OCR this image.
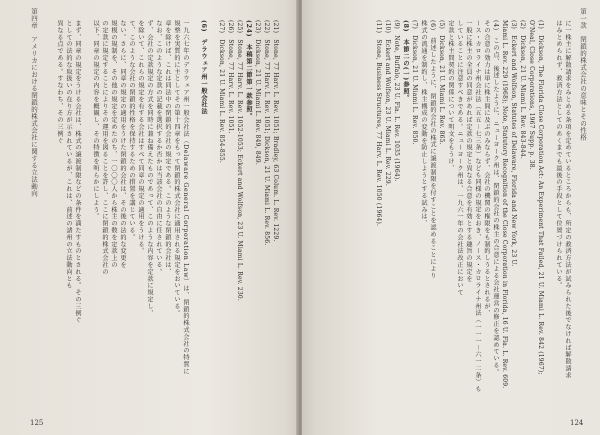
第四章　アメリカにおける閉鎖的株式会社に関する立法動向	(21)　Stone, 77 Harv. L. Rev. 1051; Bradley, 63 Colum. L. Rev. 1229.
(22)　Stone, 77 Harv. L. Rev. 1051; Dickson, 21 U. Miami L. Rev. 856.
(23)　Dickson, 21 U. Miami L. Rev. 849, 849.
(24)　本稿第二節第一款参照。
(25)　Stone, 77 Harv. L. Rev. 1052-1053; Eckert and Wolfson, 23 U. Miami L. Rev. 230.
(26)　Stone, 77 Harv. L. Rev. 1051.
(27)　Dickson, 21 U. Miami L. Rev. 854-855.
(6)　デラウェア州一般会社法
一九六七年のデラウェア州一般会社法（Delaware General Corporation Law）は、閉鎖的株式会社の特質に
規整を実質的に主としてその第十四章をもって閉鎖的株式会社に適用される規定をおいている。
章を除けば、これは同法中の閉鎖的会社の規定である。このような閉鎖的会社は、
なお、このような定款の記載を選択するか否かは当該会社の自由に任されている。
ず、会社の定款規定の方式を同時に兼ね備えたものであって、このような内容を定款に規定し、
を除いて、これらの規定を有する会社はすべて同章の規定の適用をうける。
て、このような会社の閉鎖的性格を保持するための措置を講じている。
ない。さらに、同章の規定の適用をうけた閉鎖的会社は、その後の法的な変更を
規模の規制を、その他の規定を定めたのち、一〇〇〇人から株主の数を定款上の
の定款に規定することによりその運用を図ることを許し、ここに閉鎖的株式会社の
以下、同章の規定の内容を概観し、その特徴を明らかにしよう。
まず、同章の規定をうける会社は、株式の譲渡制限などの条件を満たすものとされる。その三例ぐ
としての法的な取扱いの在り方が示されているが、これは、前述の諸州の立法動向とも
異なる点である。すなわち、その三例ぐ
125
第一款　閉鎖的株式会社の意味とその性格
に一株主に解散請求をみとめる条項を定めているところからも、所定の救済方法が試みられた後でなければ解散請求
はみとめられず、救済方法としてのあくまでも最後の手段として位置づけられている。
(1)　Dickson, The Florida Close Corporation Act: An Experiment That Failed, 21 U. Miami L. Rev. 842 (1967);
O'Neal, Close Corporations, 1967 Supp. p. 38.
(2)　Dickson, 21 U. Miami L. Rev. 843-844.
(3)　Eckert and Wolfson, Statutes of Delaware, Florida and New York, 23 U.
Miami L. Rev. 229 (1968); Note, Statutory Recognition of the Close Corporation in Florida, 16 U. Fla. L. Rev. 609.
(4)　この点、後述したように、ニューヨーク州は、閉鎖的会社の株主の合意による会社運営の修正を認めている。
その合意の効力は単に株主間に及ぶのみならず、会社の機関の権限をも制約しうるとされるが、
ース・カロライナ州会社法（五五－七三条）なども同様の規定をおき、ノース・カロライナ州法（一一一－六一二条）も
一般に株主の全員の同意があれば定款の規定と異なる合意を有効とする趣旨の規定を
していることに注意すべきである。ニューヨーク州は、一九六一年の会社法改正において
定款と株主間契約の関係について明文をもうけ、
(5)　Dickson, 21 U. Miami L. Rev. 865.
(6)　前述したように、閉鎖的会社の株式に譲渡制限を付すことを認めることにより
株式の流通を制約し、株主構成の変動を防止しようとする試みは、
(7)　Dickson, 21 U. Miami L. Rev. 850.
(8)　本節二の(一)参照。
(9)　Note, Buffalo, 23 U. Fla. L. Rev. 1035 (1964).
(10)　Eckert and Wolfson, 23 U. Miami L. Rev. 229.
(11)　Stone, Business Structures, 77 Harv. L. Rev. 1050 (1964).
124
